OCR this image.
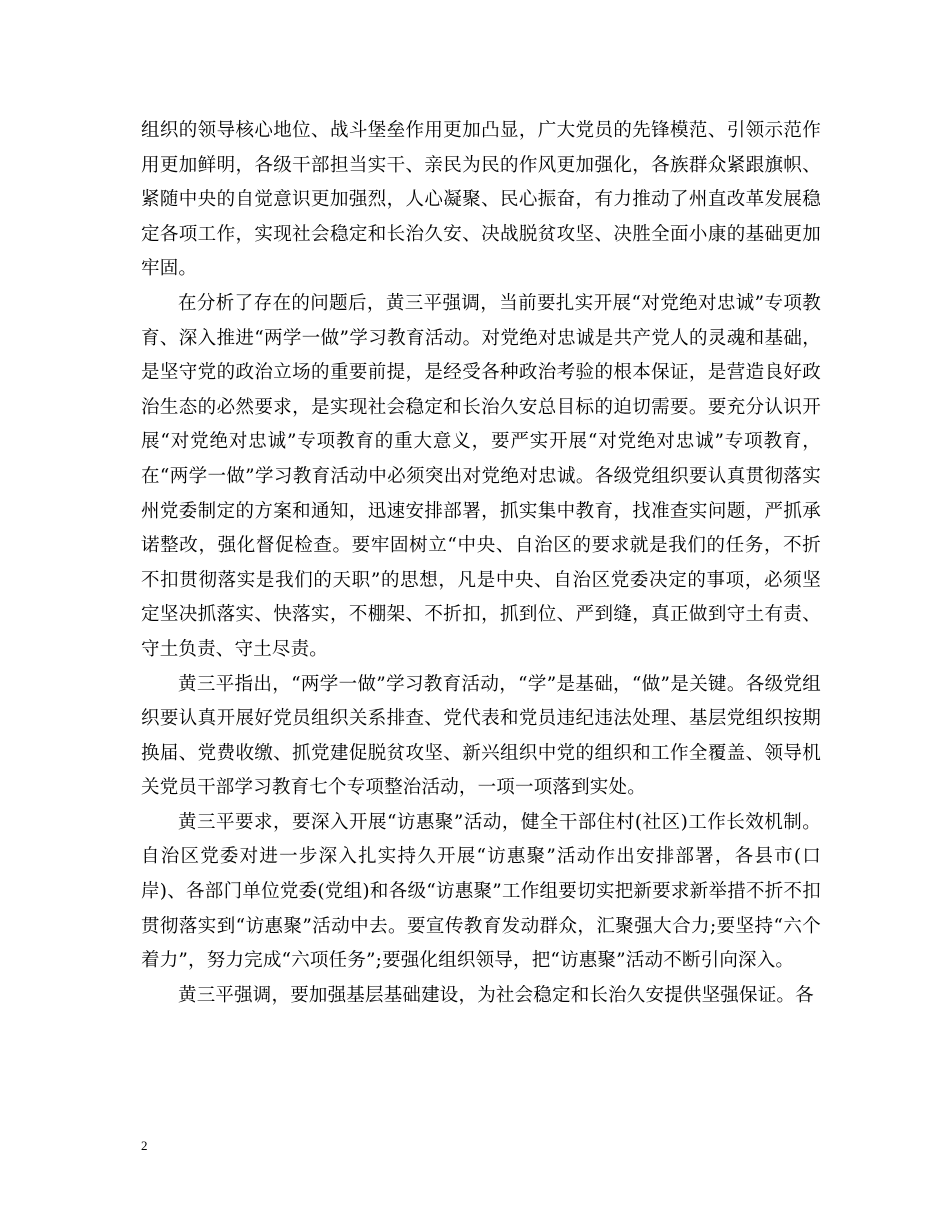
组织的领导核心地位、战斗堡垒作用更加凸显，广大党员的先锋模范、引领示范作用更加鲜明，各级干部担当实干、亲民为民的作风更加强化，各族群众紧跟旗帜、紧随中央的自觉意识更加强烈，人心凝聚、民心振奋，有力推动了州直改革发展稳定各项工作，实现社会稳定和长治久安、决战脱贫攻坚、决胜全面小康的基础更加牢固。

在分析了存在的问题后，黄三平强调，当前要扎实开展“对党绝对忠诚”专项教育、深入推进“两学一做”学习教育活动。对党绝对忠诚是共产党人的灵魂和基础，是坚守党的政治立场的重要前提，是经受各种政治考验的根本保证，是营造良好政治生态的必然要求，是实现社会稳定和长治久安总目标的迫切需要。要充分认识开展“对党绝对忠诚”专项教育的重大意义，要严实开展“对党绝对忠诚”专项教育，在“两学一做”学习教育活动中必须突出对党绝对忠诚。各级党组织要认真贯彻落实州党委制定的方案和通知，迅速安排部署，抓实集中教育，找准查实问题，严抓承诺整改，强化督促检查。要牢固树立“中央、自治区的要求就是我们的任务，不折不扣贯彻落实是我们的天职”的思想，凡是中央、自治区党委决定的事项，必须坚定坚决抓落实、快落实，不棚架、不折扣，抓到位、严到缝，真正做到守土有责、守土负责、守土尽责。

黄三平指出，“两学一做”学习教育活动，“学”是基础，“做”是关键。各级党组织要认真开展好党员组织关系排查、党代表和党员违纪违法处理、基层党组织按期换届、党费收缴、抓党建促脱贫攻坚、新兴组织中党的组织和工作全覆盖、领导机关党员干部学习教育七个专项整治活动，一项一项落到实处。

黄三平要求，要深入开展“访惠聚”活动，健全干部住村(社区)工作长效机制。自治区党委对进一步深入扎实持久开展“访惠聚”活动作出安排部署，各县市(口岸)、各部门单位党委(党组)和各级“访惠聚”工作组要切实把新要求新举措不折不扣贯彻落实到“访惠聚”活动中去。要宣传教育发动群众，汇聚强大合力;要坚持“六个着力”，努力完成“六项任务”;要强化组织领导，把“访惠聚”活动不断引向深入。

黄三平强调，要加强基层基础建设，为社会稳定和长治久安提供坚强保证。各

2
